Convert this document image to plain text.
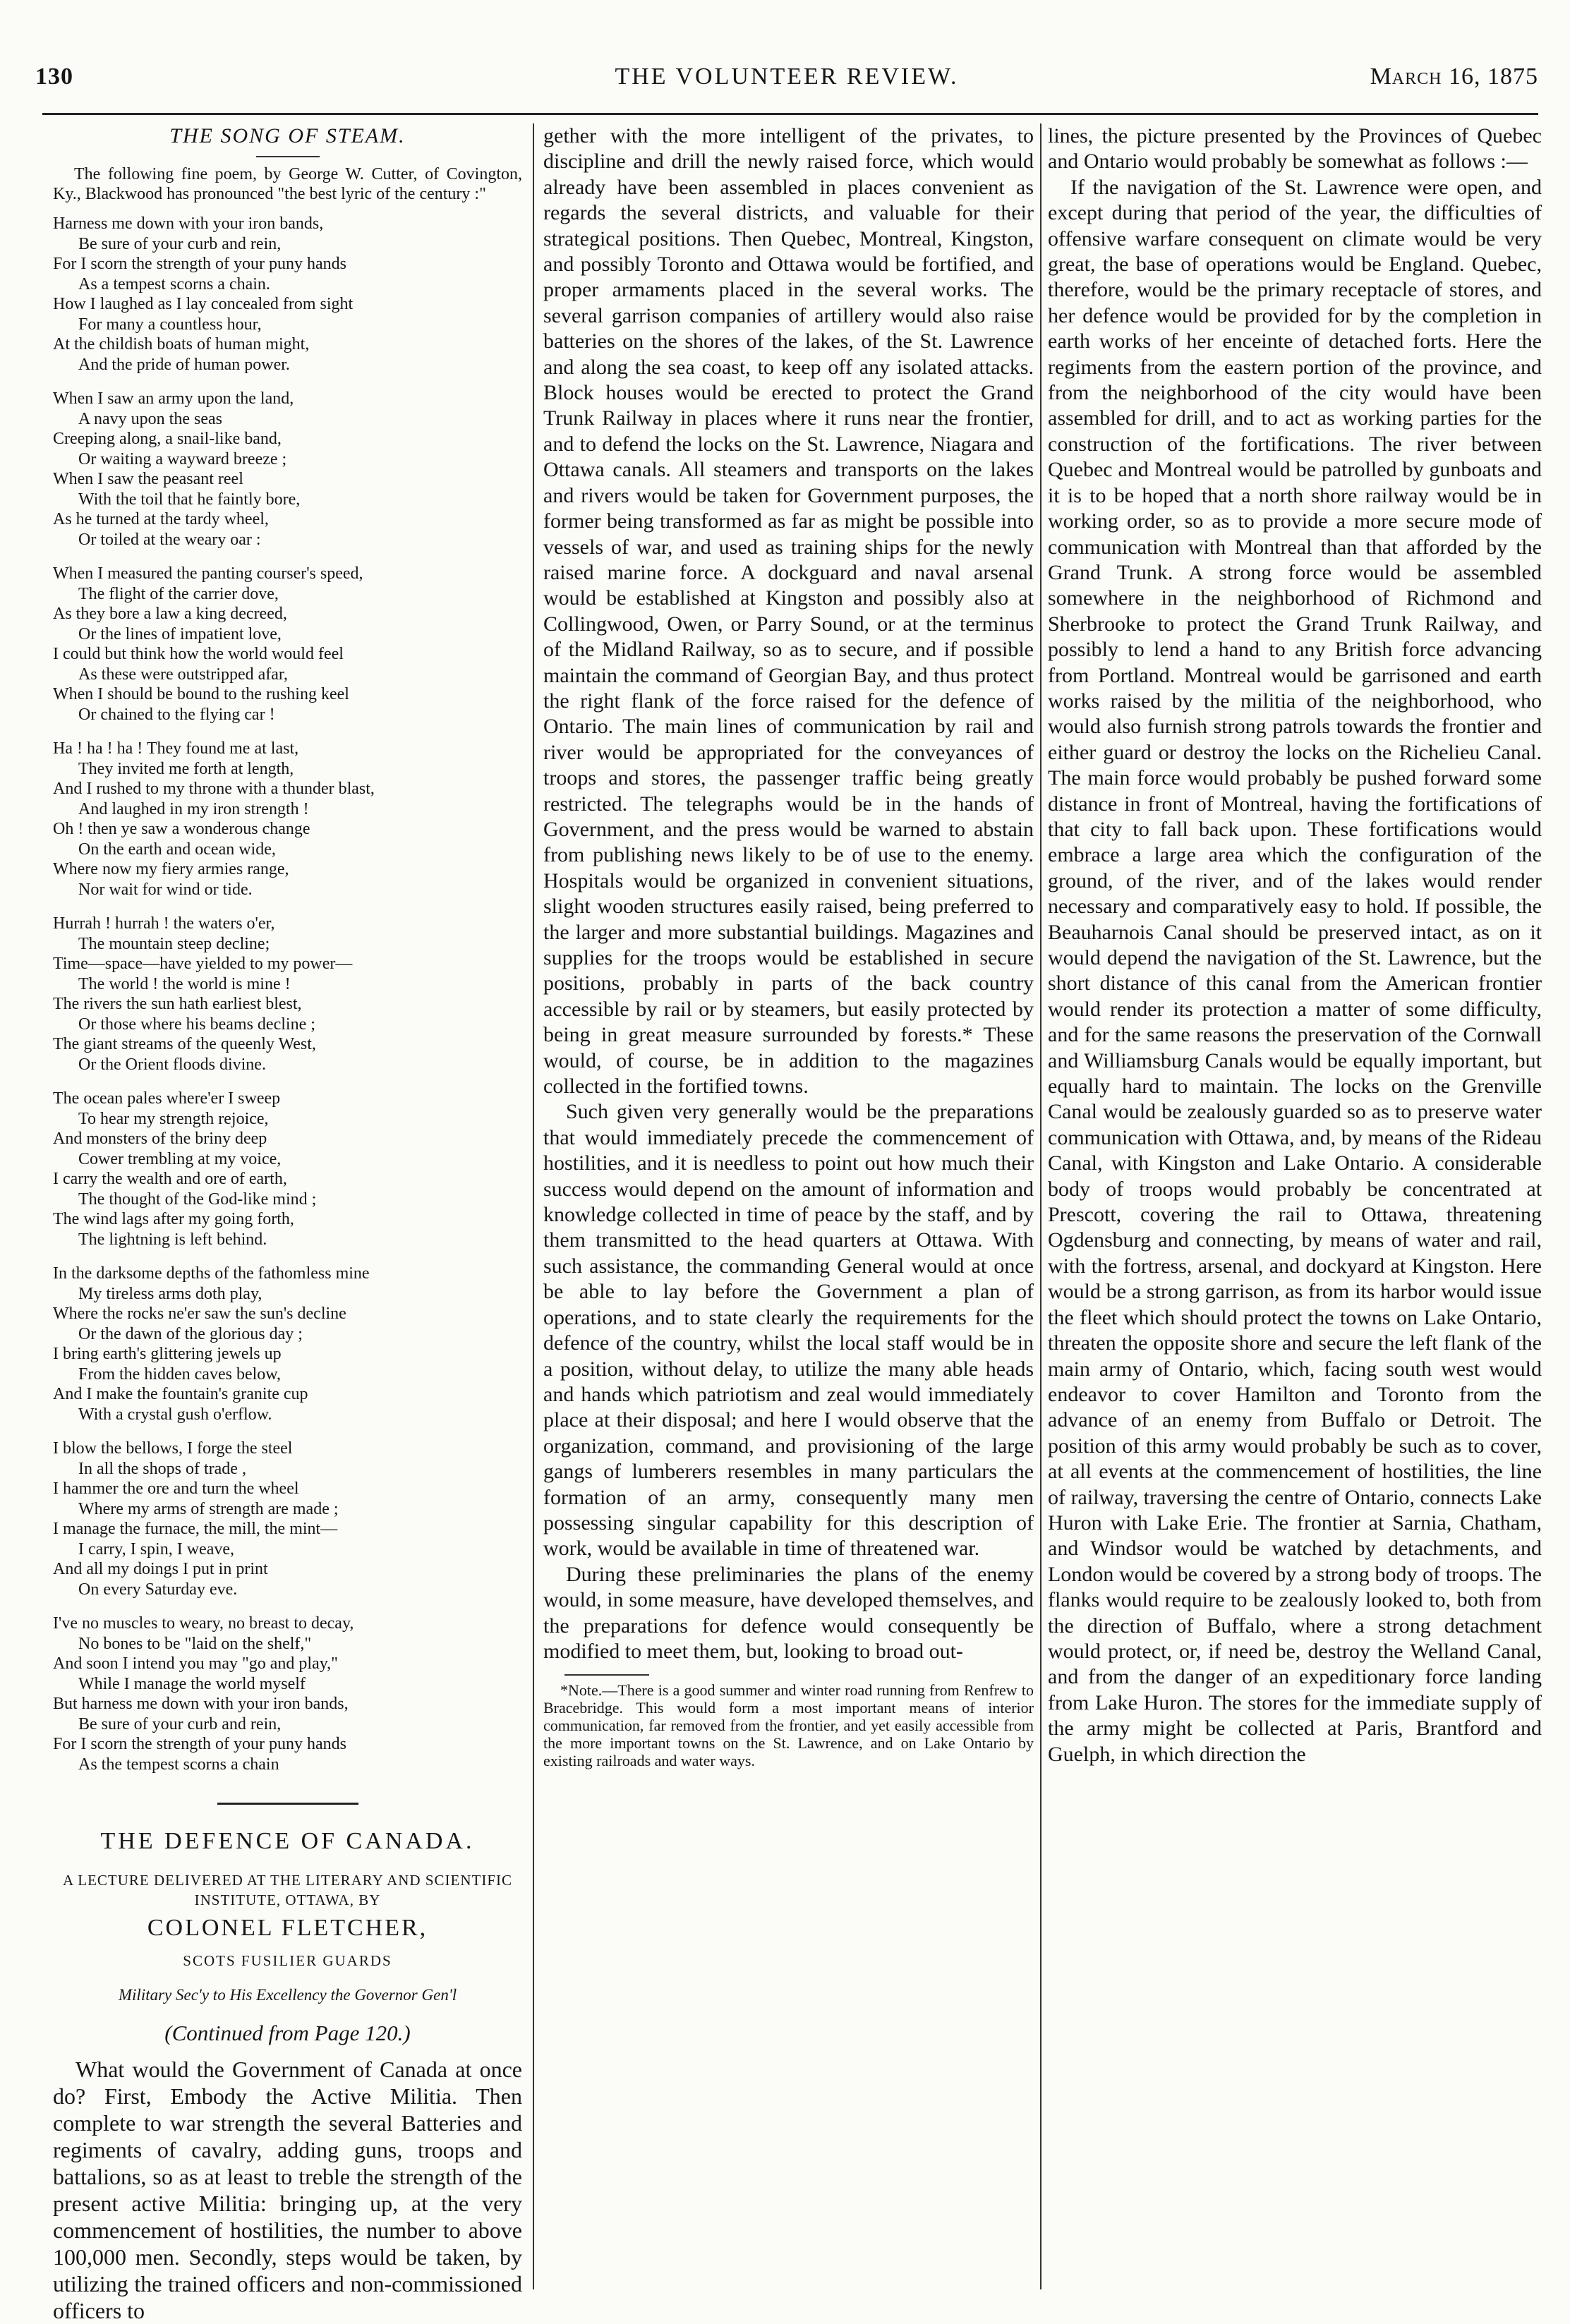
130	THE VOLUNTEER REVIEW.	March 16, 1875
THE SONG OF STEAM.

The following fine poem, by George W. Cutter, of Covington, Ky., Blackwood has pronounced "the best lyric of the century :"

Harness me down with your iron bands,
Be sure of your curb and rein,
For I scorn the strength of your puny hands
As a tempest scorns a chain.
How I laughed as I lay concealed from sight
For many a countless hour,
At the childish boats of human might,
And the pride of human power.
When I saw an army upon the land,
A navy upon the seas
Creeping along, a snail-like band,
Or waiting a wayward breeze ;
When I saw the peasant reel
With the toil that he faintly bore,
As he turned at the tardy wheel,
Or toiled at the weary oar :
When I measured the panting courser's speed,
The flight of the carrier dove,
As they bore a law a king decreed,
Or the lines of impatient love,
I could but think how the world would feel
As these were outstripped afar,
When I should be bound to the rushing keel
Or chained to the flying car !
Ha ! ha ! ha ! They found me at last,
They invited me forth at length,
And I rushed to my throne with a thunder blast,
And laughed in my iron strength !
Oh ! then ye saw a wonderous change
On the earth and ocean wide,
Where now my fiery armies range,
Nor wait for wind or tide.
Hurrah ! hurrah ! the waters o'er,
The mountain steep decline;
Time—space—have yielded to my power—
The world ! the world is mine !
The rivers the sun hath earliest blest,
Or those where his beams decline ;
The giant streams of the queenly West,
Or the Orient floods divine.
The ocean pales where'er I sweep
To hear my strength rejoice,
And monsters of the briny deep
Cower trembling at my voice,
I carry the wealth and ore of earth,
The thought of the God-like mind ;
The wind lags after my going forth,
The lightning is left behind.
In the darksome depths of the fathomless mine
My tireless arms doth play,
Where the rocks ne'er saw the sun's decline
Or the dawn of the glorious day ;
I bring earth's glittering jewels up
From the hidden caves below,
And I make the fountain's granite cup
With a crystal gush o'erflow.
I blow the bellows, I forge the steel
In all the shops of trade ,
I hammer the ore and turn the wheel
Where my arms of strength are made ;
I manage the furnace, the mill, the mint—
I carry, I spin, I weave,
And all my doings I put in print
On every Saturday eve.
I've no muscles to weary, no breast to decay,
No bones to be "laid on the shelf,"
And soon I intend you may "go and play,"
While I manage the world myself
But harness me down with your iron bands,
Be sure of your curb and rein,
For I scorn the strength of your puny hands
As the tempest scorns a chain
THE DEFENCE OF CANADA.
A LECTURE DELIVERED AT THE LITERARY AND SCIENTIFIC INSTITUTE, OTTAWA, BY
COLONEL FLETCHER,
SCOTS FUSILIER GUARDS
Military Sec'y to His Excellency the Governor Gen'l
(Continued from Page 120.)

What would the Government of Canada at once do? First, Embody the Active Militia. Then complete to war strength the several Batteries and regiments of cavalry, adding guns, troops and battalions, so as at least to treble the strength of the present active Militia: bringing up, at the very commencement of hostilities, the number to above 100,000 men. Secondly, steps would be taken, by utilizing the trained officers and non-commissioned officers to

gether with the more intelligent of the privates, to discipline and drill the newly raised force, which would already have been assembled in places convenient as regards the several districts, and valuable for their strategical positions. Then Quebec, Montreal, Kingston, and possibly Toronto and Ottawa would be fortified, and proper armaments placed in the several works. The several garrison companies of artillery would also raise batteries on the shores of the lakes, of the St. Lawrence and along the sea coast, to keep off any isolated attacks. Block houses would be erected to protect the Grand Trunk Railway in places where it runs near the frontier, and to defend the locks on the St. Lawrence, Niagara and Ottawa canals. All steamers and transports on the lakes and rivers would be taken for Government purposes, the former being transformed as far as might be possible into vessels of war, and used as training ships for the newly raised marine force. A dockguard and naval arsenal would be established at Kingston and possibly also at Collingwood, Owen, or Parry Sound, or at the terminus of the Midland Railway, so as to secure, and if possible maintain the command of Georgian Bay, and thus protect the right flank of the force raised for the defence of Ontario. The main lines of communication by rail and river would be appropriated for the conveyances of troops and stores, the passenger traffic being greatly restricted. The telegraphs would be in the hands of Government, and the press would be warned to abstain from publishing news likely to be of use to the enemy. Hospitals would be organized in convenient situations, slight wooden structures easily raised, being preferred to the larger and more substantial buildings. Magazines and supplies for the troops would be established in secure positions, probably in parts of the back country accessible by rail or by steamers, but easily protected by being in great measure surrounded by forests.* These would, of course, be in addition to the magazines collected in the fortified towns.

Such given very generally would be the preparations that would immediately precede the commencement of hostilities, and it is needless to point out how much their success would depend on the amount of information and knowledge collected in time of peace by the staff, and by them transmitted to the head quarters at Ottawa. With such assistance, the commanding General would at once be able to lay before the Government a plan of operations, and to state clearly the requirements for the defence of the country, whilst the local staff would be in a position, without delay, to utilize the many able heads and hands which patriotism and zeal would immediately place at their disposal; and here I would observe that the organization, command, and provisioning of the large gangs of lumberers resembles in many particulars the formation of an army, consequently many men possessing singular capability for this description of work, would be available in time of threatened war.

During these preliminaries the plans of the enemy would, in some measure, have developed themselves, and the preparations for defence would consequently be modified to meet them, but, looking to broad out-

*Note.—There is a good summer and winter road running from Renfrew to Bracebridge. This would form a most important means of interior communication, far removed from the frontier, and yet easily accessible from the more important towns on the St. Lawrence, and on Lake Ontario by existing railroads and water ways.

lines, the picture presented by the Provinces of Quebec and Ontario would probably be somewhat as follows :—

If the navigation of the St. Lawrence were open, and except during that period of the year, the difficulties of offensive warfare consequent on climate would be very great, the base of operations would be England. Quebec, therefore, would be the primary receptacle of stores, and her defence would be provided for by the completion in earth works of her enceinte of detached forts. Here the regiments from the eastern portion of the province, and from the neighborhood of the city would have been assembled for drill, and to act as working parties for the construction of the fortifications. The river between Quebec and Montreal would be patrolled by gunboats and it is to be hoped that a north shore railway would be in working order, so as to provide a more secure mode of communication with Montreal than that afforded by the Grand Trunk. A strong force would be assembled somewhere in the neighborhood of Richmond and Sherbrooke to protect the Grand Trunk Railway, and possibly to lend a hand to any British force advancing from Portland. Montreal would be garrisoned and earth works raised by the militia of the neighborhood, who would also furnish strong patrols towards the frontier and either guard or destroy the locks on the Richelieu Canal. The main force would probably be pushed forward some distance in front of Montreal, having the fortifications of that city to fall back upon. These fortifications would embrace a large area which the configuration of the ground, of the river, and of the lakes would render necessary and comparatively easy to hold. If possible, the Beauharnois Canal should be preserved intact, as on it would depend the navigation of the St. Lawrence, but the short distance of this canal from the American frontier would render its protection a matter of some difficulty, and for the same reasons the preservation of the Cornwall and Williamsburg Canals would be equally important, but equally hard to maintain. The locks on the Grenville Canal would be zealously guarded so as to preserve water communication with Ottawa, and, by means of the Rideau Canal, with Kingston and Lake Ontario. A considerable body of troops would probably be concentrated at Prescott, covering the rail to Ottawa, threatening Ogdensburg and connecting, by means of water and rail, with the fortress, arsenal, and dockyard at Kingston. Here would be a strong garrison, as from its harbor would issue the fleet which should protect the towns on Lake Ontario, threaten the opposite shore and secure the left flank of the main army of Ontario, which, facing south west would endeavor to cover Hamilton and Toronto from the advance of an enemy from Buffalo or Detroit. The position of this army would probably be such as to cover, at all events at the commencement of hostilities, the line of railway, traversing the centre of Ontario, connects Lake Huron with Lake Erie. The frontier at Sarnia, Chatham, and Windsor would be watched by detachments, and London would be covered by a strong body of troops. The flanks would require to be zealously looked to, both from the direction of Buffalo, where a strong detachment would protect, or, if need be, destroy the Welland Canal, and from the danger of an expeditionary force landing from Lake Huron. The stores for the immediate supply of the army might be collected at Paris, Brantford and Guelph, in which direction the
